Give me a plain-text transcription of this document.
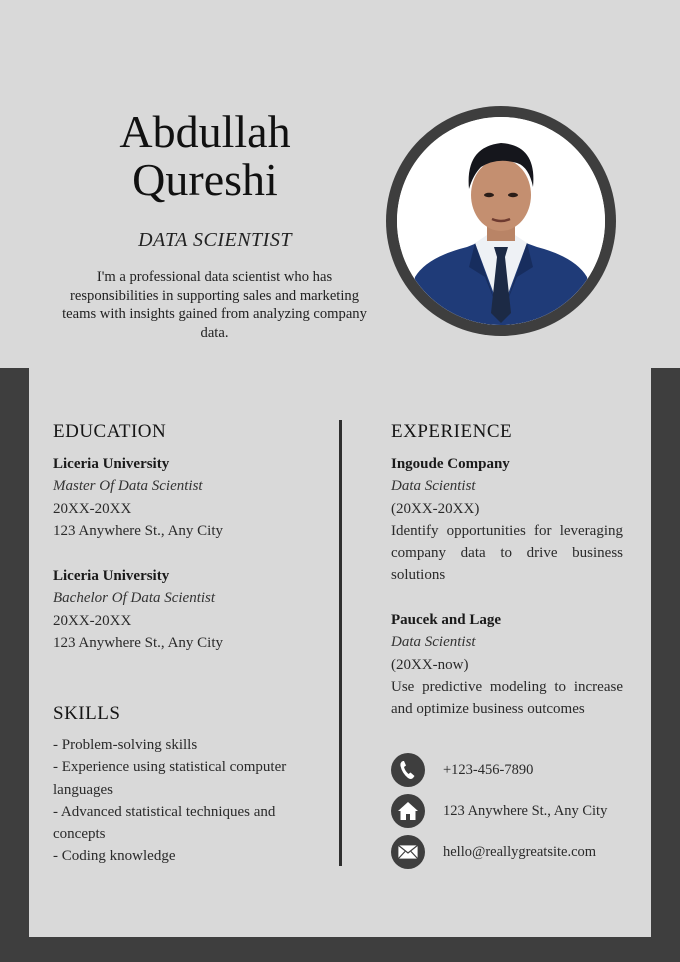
Abdullah
Qureshi
DATA SCIENTIST
I'm a professional data scientist who has responsibilities in supporting sales and marketing teams with insights gained from analyzing company data.
EDUCATION
Liceria University
Master Of Data Scientist
20XX-20XX
123 Anywhere St., Any City
Liceria University
Bachelor Of Data Scientist
20XX-20XX
123 Anywhere St., Any City
SKILLS
- Problem-solving skills
- Experience using statistical computer languages
- Advanced statistical techniques and concepts
- Coding knowledge
EXPERIENCE
Ingoude Company
Data Scientist
(20XX-20XX)
Identify opportunities for leveraging company data to drive business solutions
Paucek and Lage
Data Scientist
(20XX-now)
Use predictive modeling to increase and optimize business outcomes
+123-456-7890
123 Anywhere St., Any City
hello@reallygreatsite.com
